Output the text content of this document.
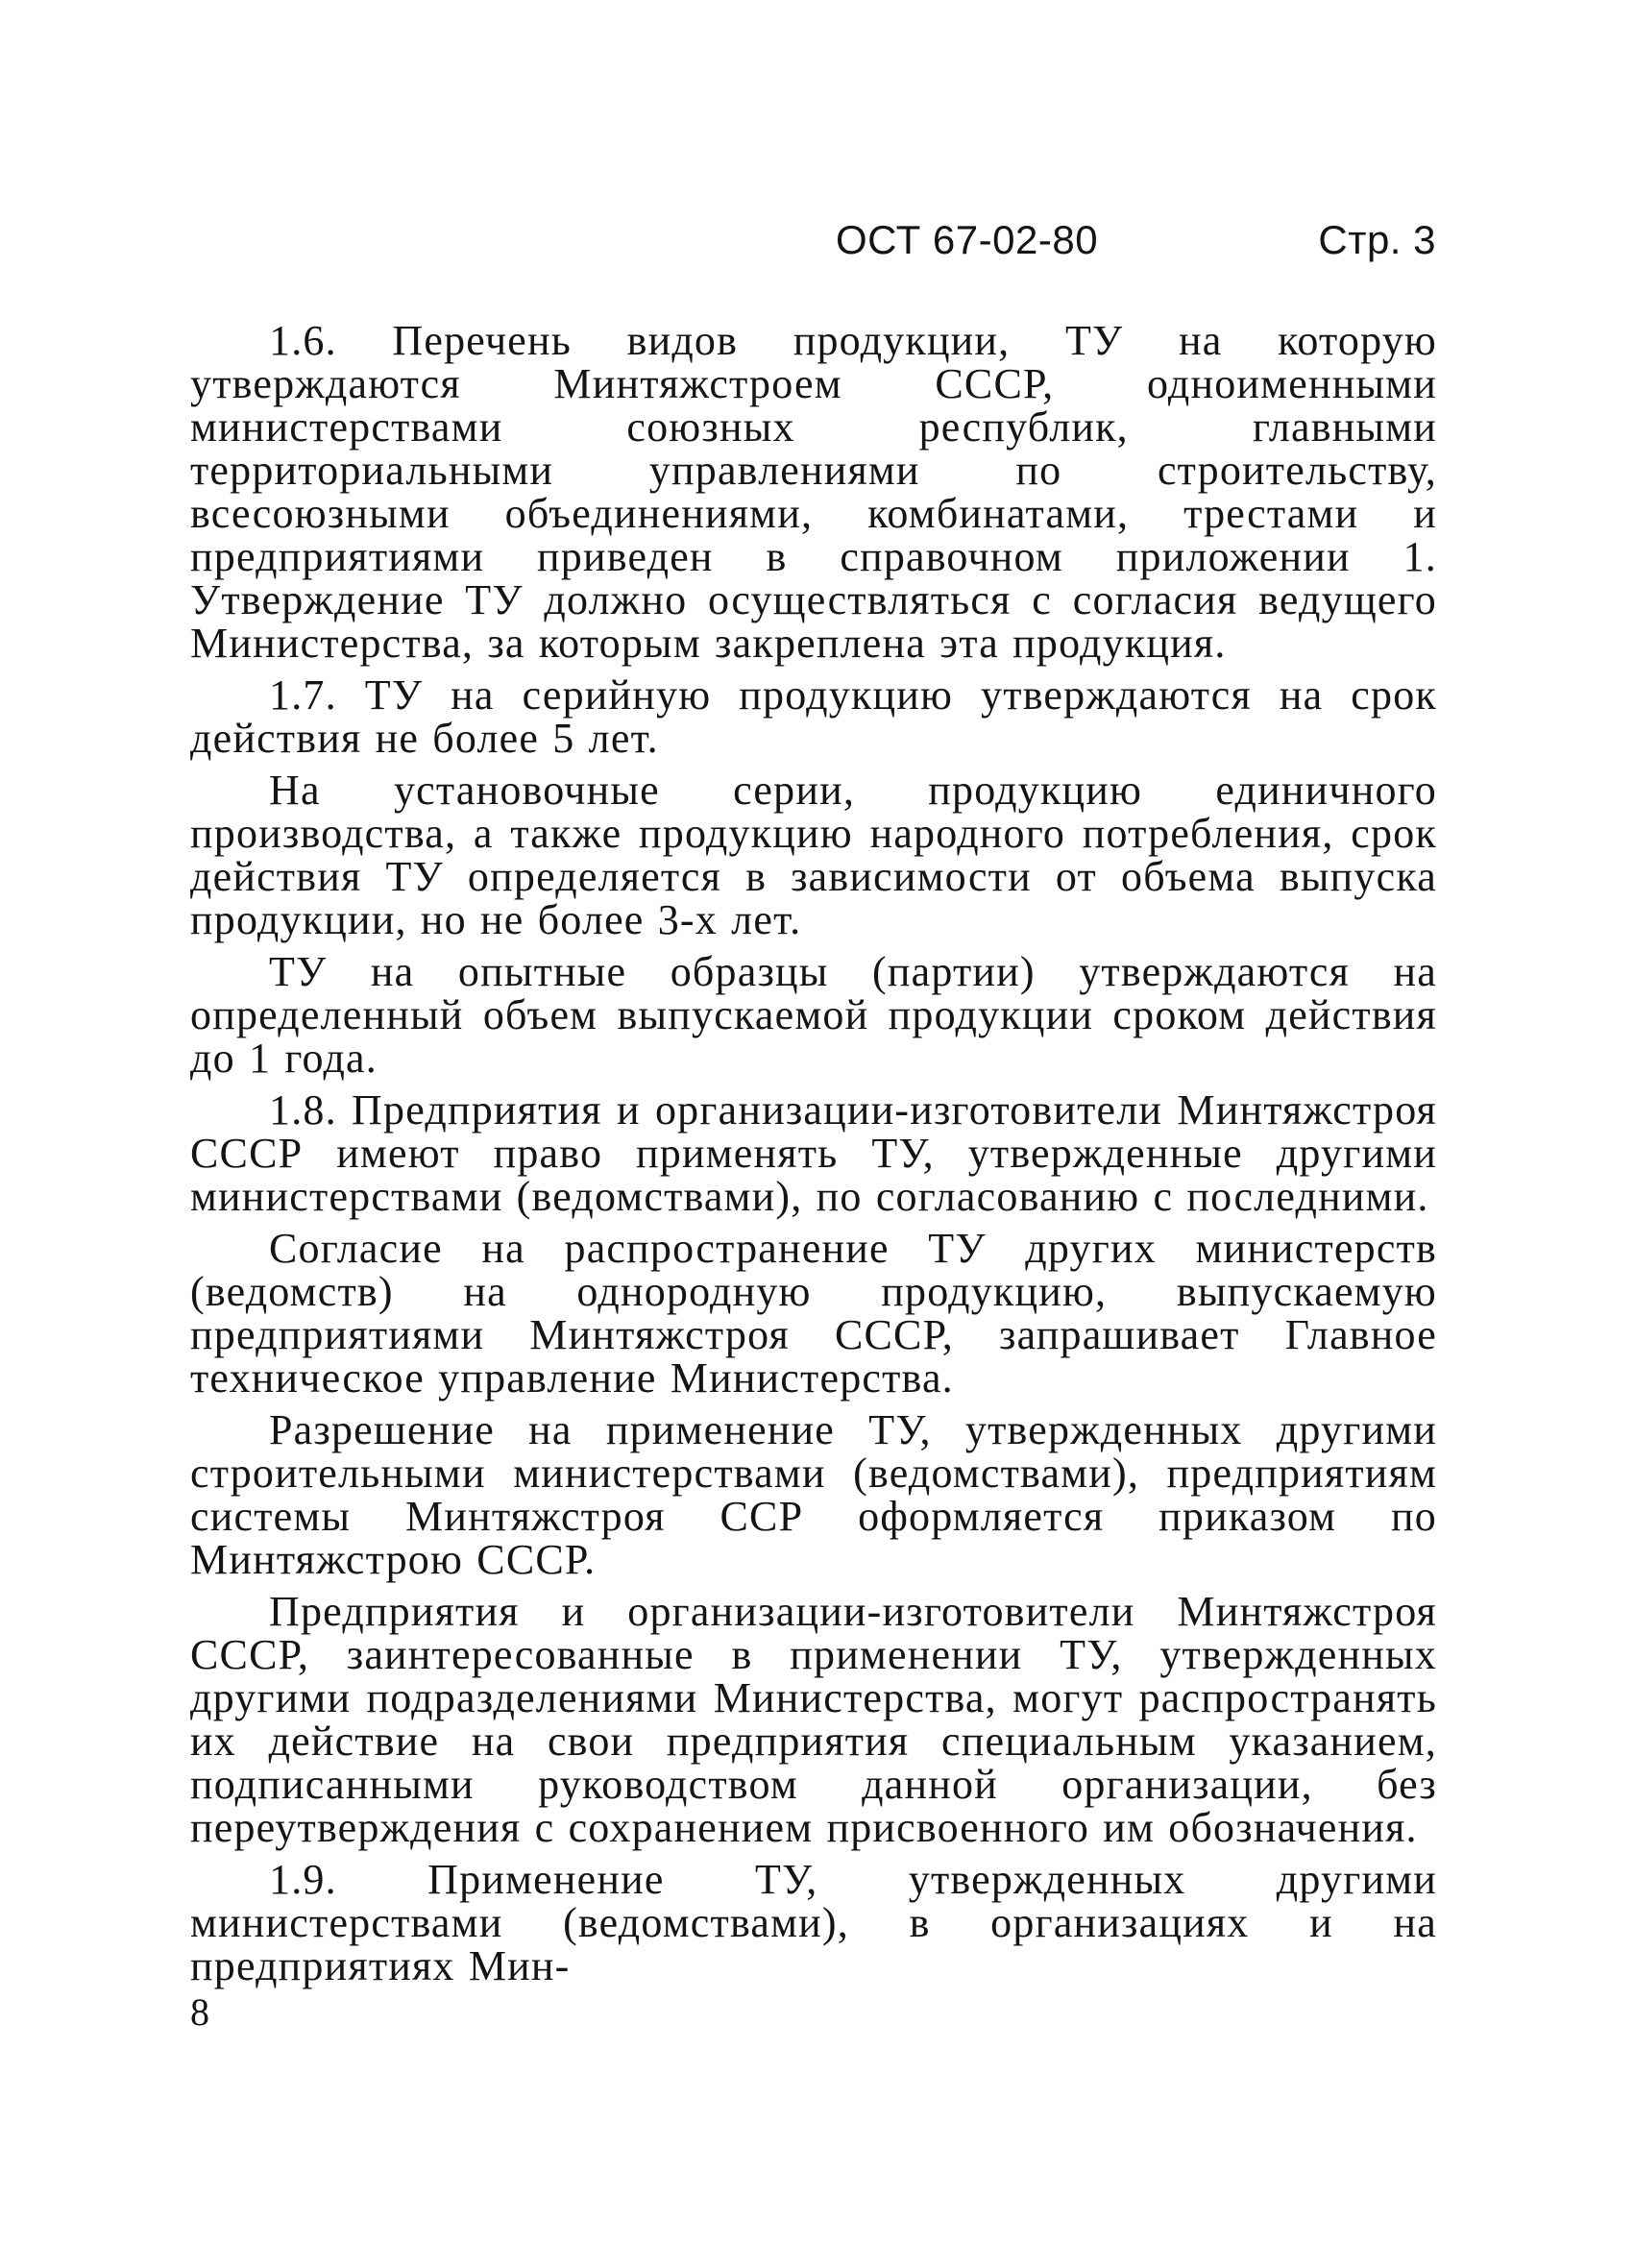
ОСТ 67-02-80	Стр. 3

1.6. Перечень видов продукции, ТУ на которую утверждаются Минтяжстроем СССР, одноименными министерствами союзных республик, главными территориальными управлениями по строительству, всесоюзными объединениями, комбинатами, трестами и предприятиями приведен в справочном приложении 1. Утверждение ТУ должно осуществляться с согласия ведущего Министерства, за которым закреплена эта продукция.

1.7. ТУ на серийную продукцию утверждаются на срок действия не более 5 лет.

На установочные серии, продукцию единичного производства, а также продукцию народного потребления, срок действия ТУ определяется в зависимости от объема выпуска продукции, но не более 3-х лет.

ТУ на опытные образцы (партии) утверждаются на определенный объем выпускаемой продукции сроком действия до 1 года.

1.8. Предприятия и организации-изготовители Минтяжстроя СССР имеют право применять ТУ, утвержденные другими министерствами (ведомствами), по согласованию с последними.

Согласие на распространение ТУ других министерств (ведомств) на однородную продукцию, выпускаемую предприятиями Минтяжстроя СССР, запрашивает Главное техническое управление Министерства.

Разрешение на применение ТУ, утвержденных другими строительными министерствами (ведомствами), предприятиям системы Минтяжстроя ССР оформляется приказом по Минтяжстрою СССР.

Предприятия и организации-изготовители Минтяжстроя СССР, заинтересованные в применении ТУ, утвержденных другими подразделениями Министерства, могут распространять их действие на свои предприятия специальным указанием, подписанными руководством данной организации, без переутверждения с сохранением присвоенного им обозначения.

1.9. Применение ТУ, утвержденных другими министерствами (ведомствами), в организациях и на предприятиях Мин-

8
